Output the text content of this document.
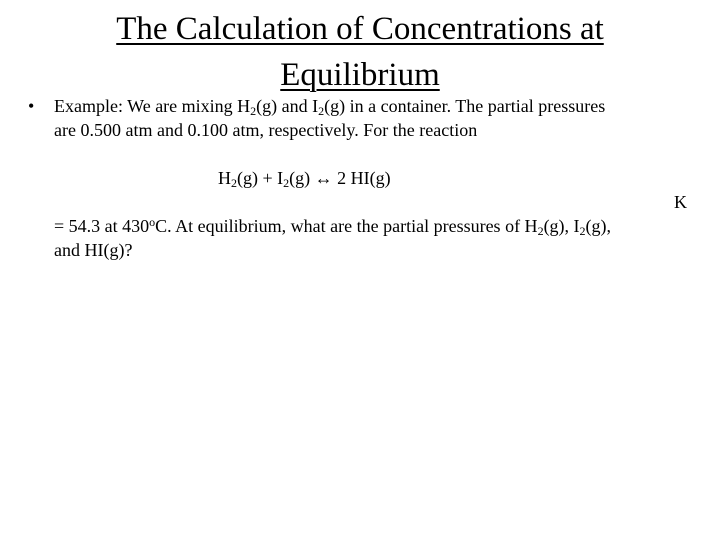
The Calculation of Concentrations at
Equilibrium
• Example: We are mixing $H_2(g)$ and $I_2(g)$ in a container. The partial pressures
are 0.500 atm and 0.100 atm, respectively. For the reaction
$H_2(g) + I_2(g)$ ↔ 2 HI(g)
K
= 54.3 at 430$^o$C. At equilibrium, what are the partial pressures of $H_2(g)$, $I_2(g)$,
and HI(g)?
